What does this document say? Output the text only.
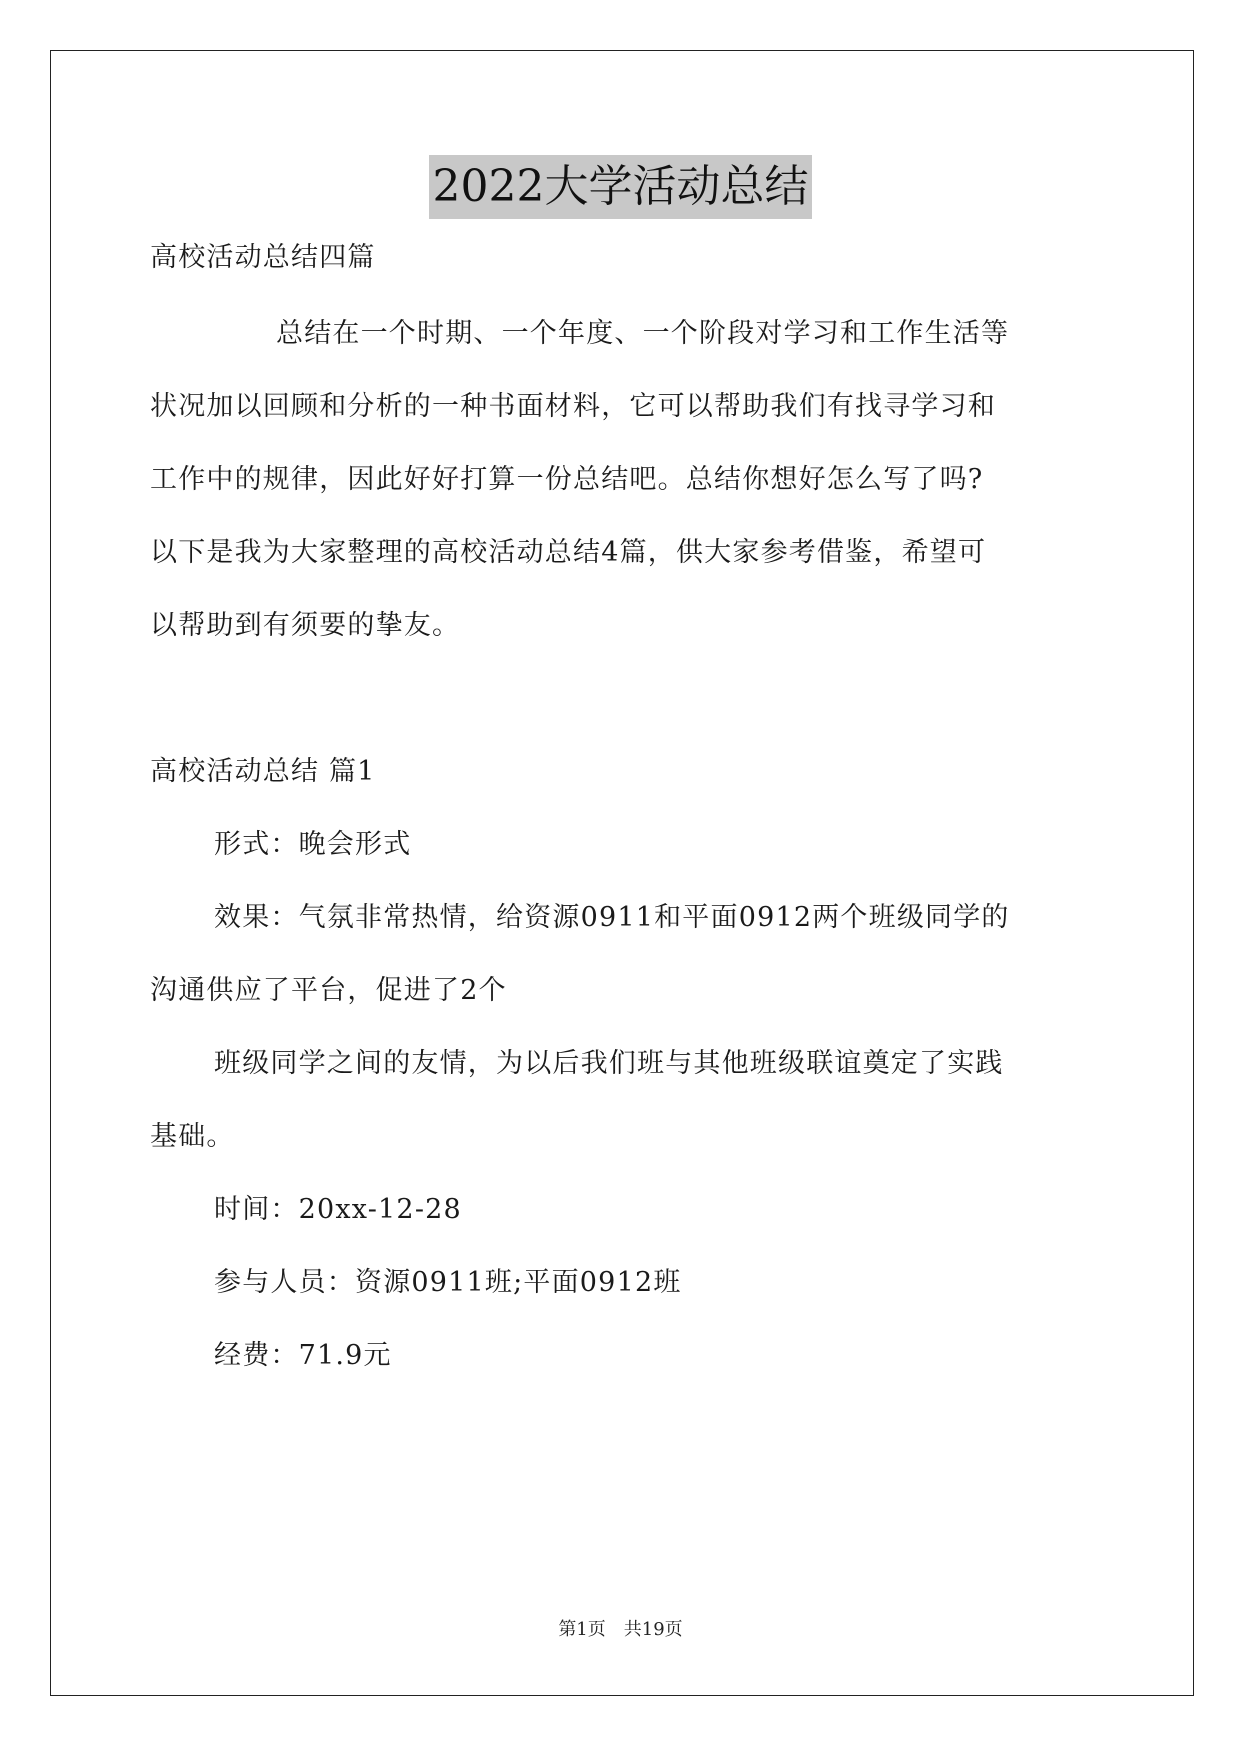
2022大学活动总结
高校活动总结四篇
总结在一个时期、一个年度、一个阶段对学习和工作生活等
状况加以回顾和分析的一种书面材料，它可以帮助我们有找寻学习和
工作中的规律，因此好好打算一份总结吧。总结你想好怎么写了吗?
以下是我为大家整理的高校活动总结4篇，供大家参考借鉴，希望可
以帮助到有须要的挚友。
高校活动总结 篇1
形式：晚会形式
效果：气氛非常热情，给资源0911和平面0912两个班级同学的
沟通供应了平台，促进了2个
班级同学之间的友情，为以后我们班与其他班级联谊奠定了实践
基础。
时间：20xx-12-28
参与人员：资源0911班;平面0912班
经费：71.9元
第1页　共19页
